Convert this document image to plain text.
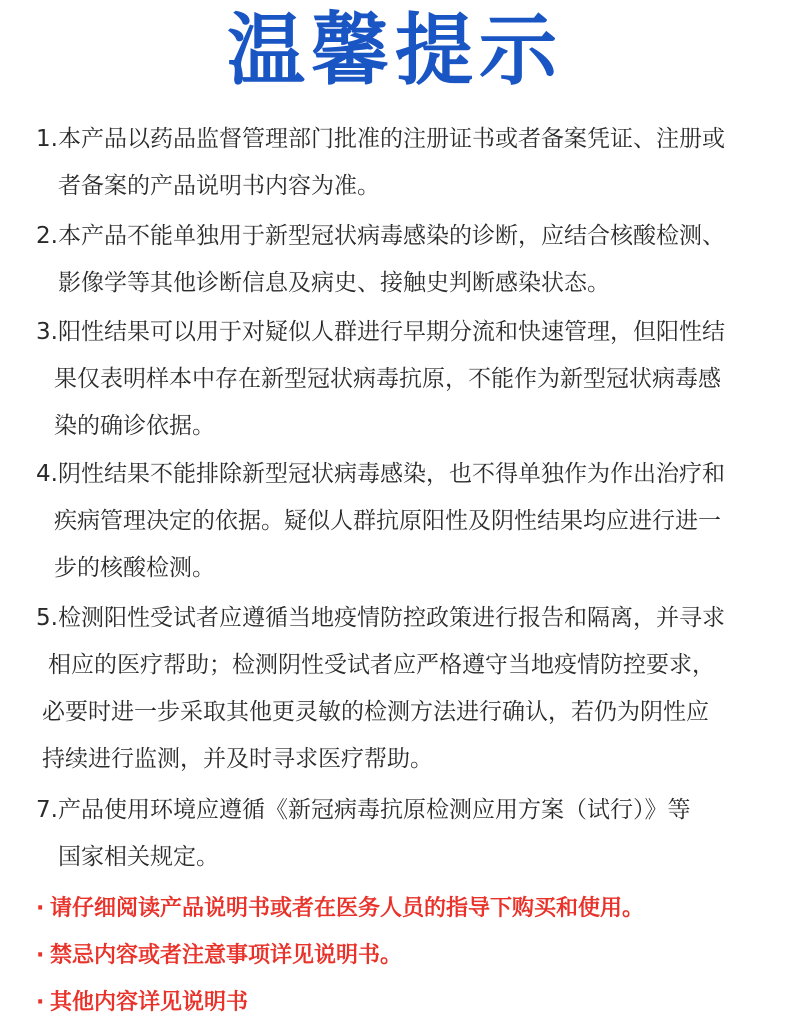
温馨提示
1.本产品以药品监督管理部门批准的注册证书或者备案凭证、注册或
者备案的产品说明书内容为准。
2.本产品不能单独用于新型冠状病毒感染的诊断，应结合核酸检测、
影像学等其他诊断信息及病史、接触史判断感染状态。
3.阳性结果可以用于对疑似人群进行早期分流和快速管理，但阳性结
果仅表明样本中存在新型冠状病毒抗原，不能作为新型冠状病毒感
染的确诊依据。
4.阴性结果不能排除新型冠状病毒感染，也不得单独作为作出治疗和
疾病管理决定的依据。疑似人群抗原阳性及阴性结果均应进行进一
步的核酸检测。
5.检测阳性受试者应遵循当地疫情防控政策进行报告和隔离，并寻求
相应的医疗帮助；检测阴性受试者应严格遵守当地疫情防控要求，
必要时进一步采取其他更灵敏的检测方法进行确认，若仍为阴性应
持续进行监测，并及时寻求医疗帮助。
7.产品使用环境应遵循《新冠病毒抗原检测应用方案（试行）》等
国家相关规定。
· 请仔细阅读产品说明书或者在医务人员的指导下购买和使用。
· 禁忌内容或者注意事项详见说明书。
· 其他内容详见说明书
